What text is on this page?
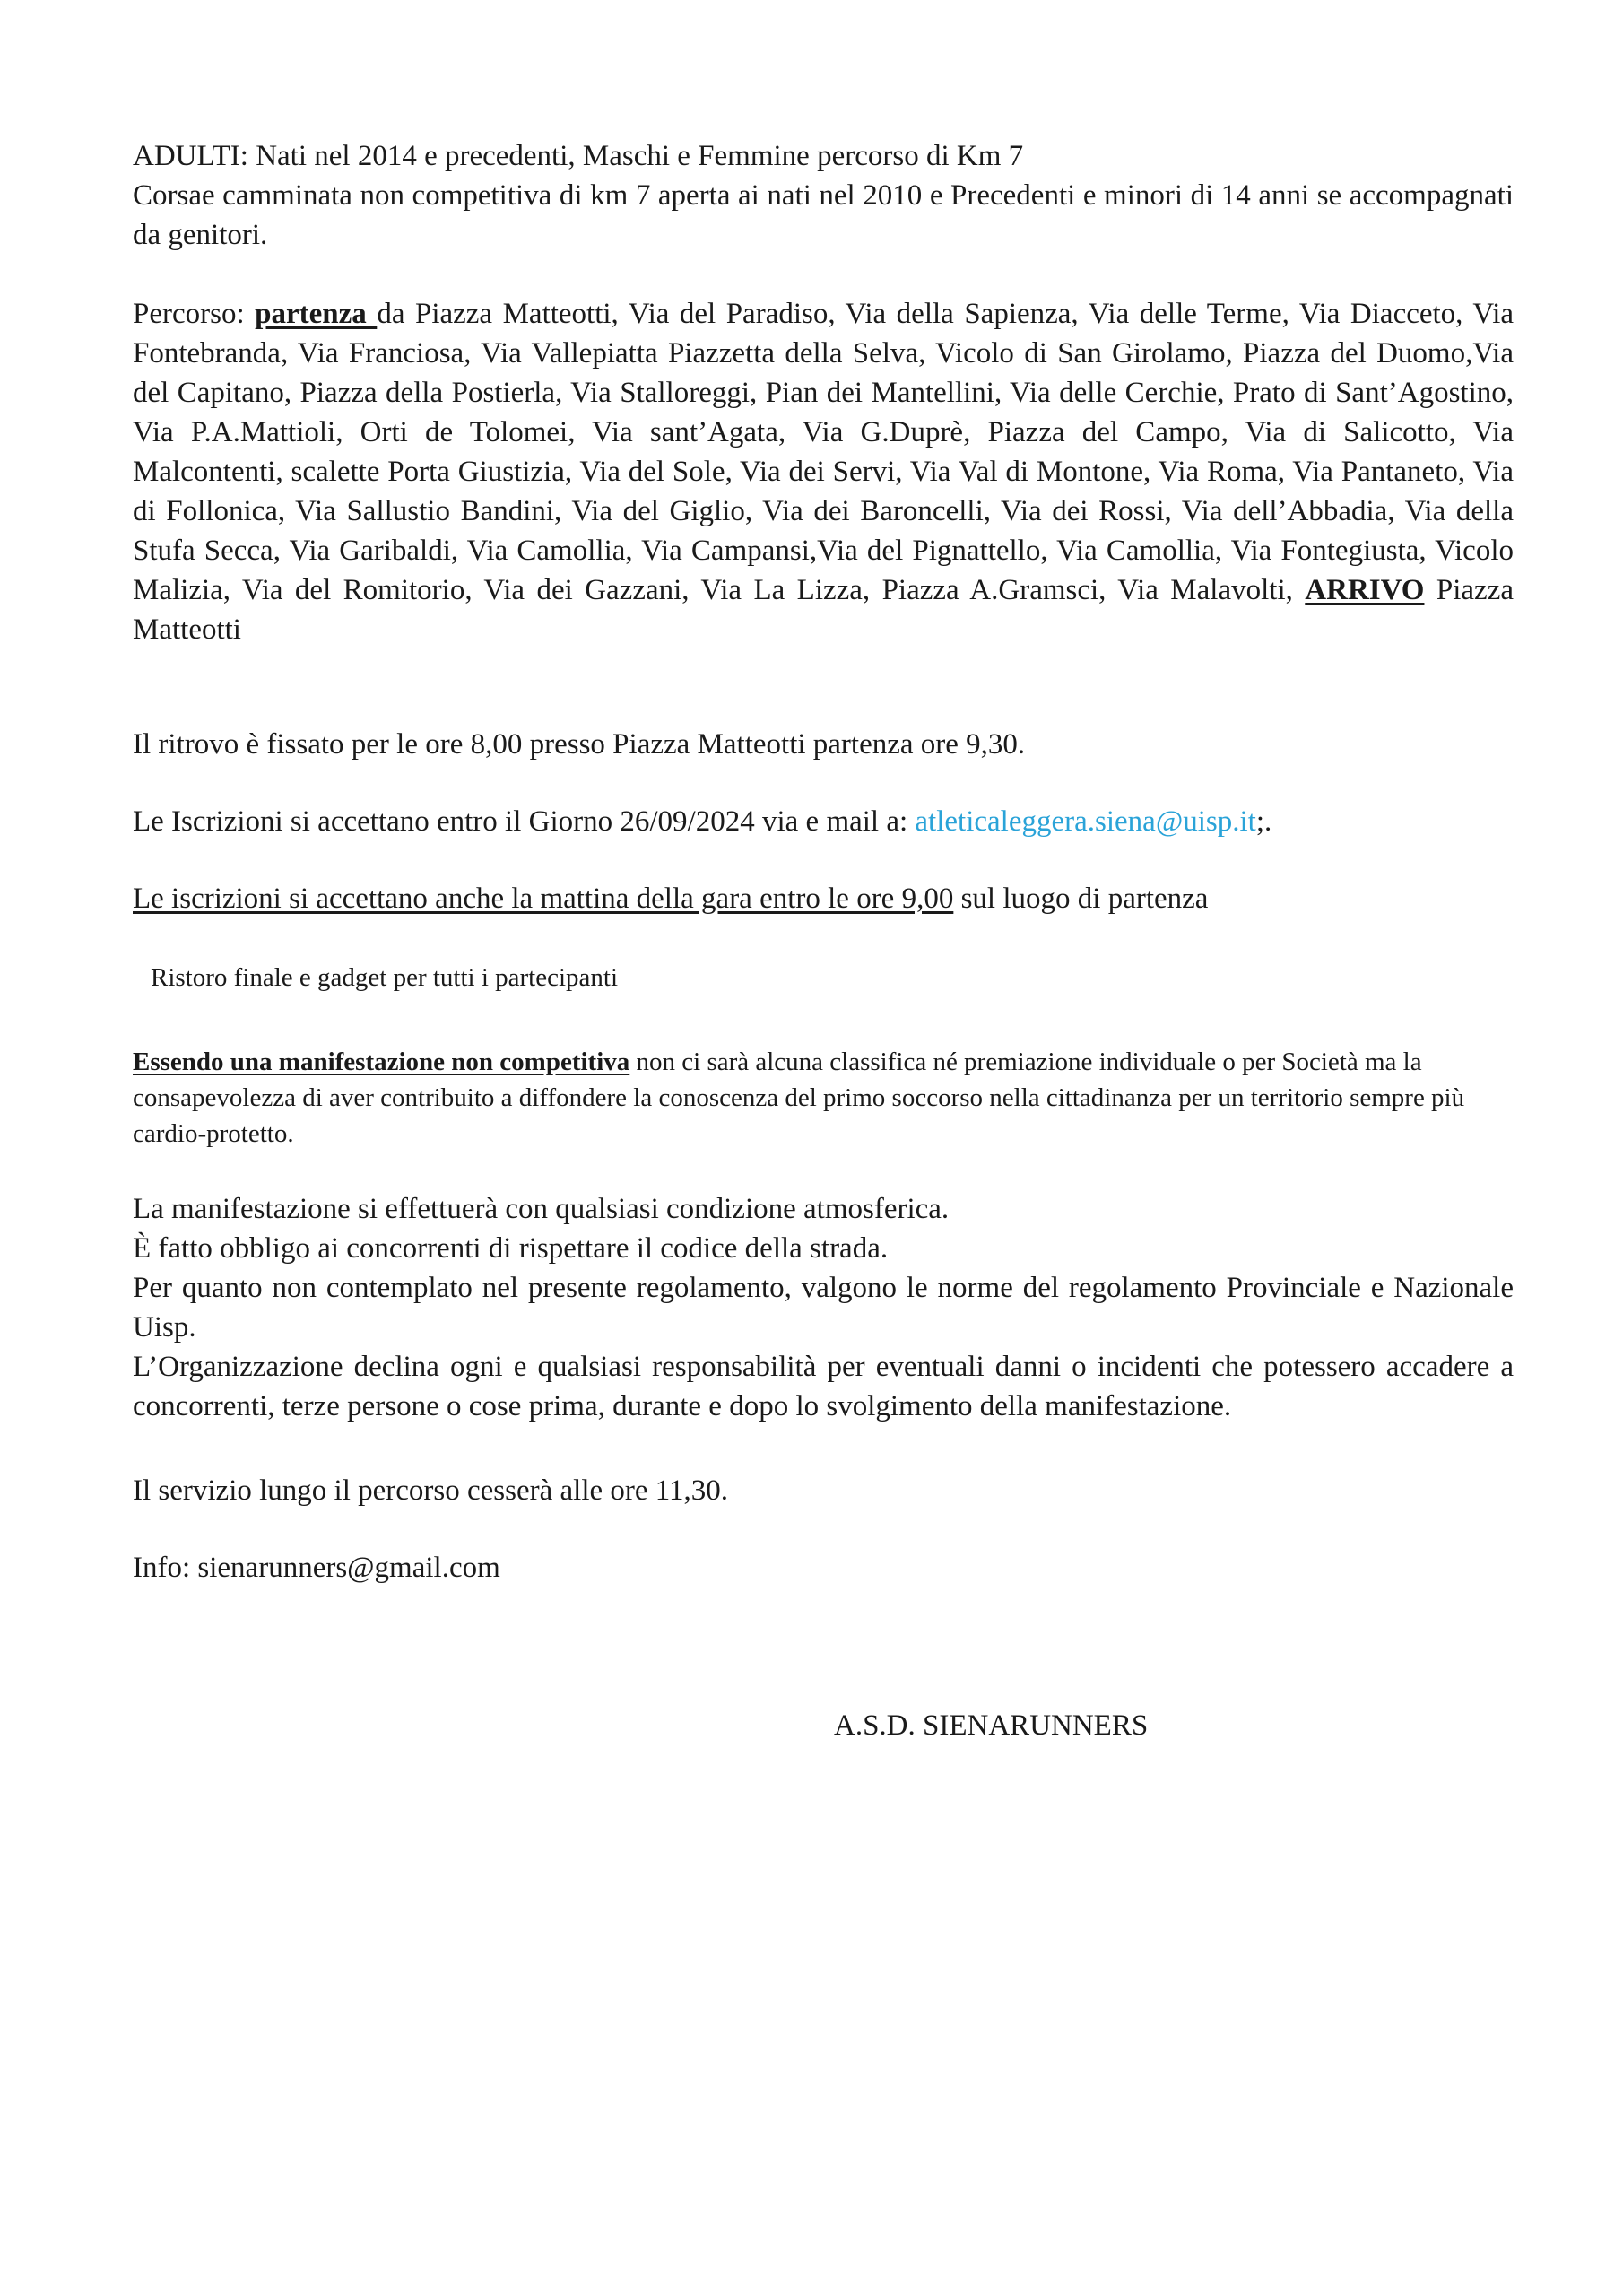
ADULTI: Nati nel 2014 e precedenti, Maschi e Femmine percorso di Km 7

Corsae camminata non competitiva di km 7 aperta ai nati nel 2010 e Precedenti e minori di 14 anni se accompagnati da genitori.

Percorso: partenza da Piazza Matteotti, Via del Paradiso, Via della Sapienza, Via delle Terme, Via Diacceto, Via Fontebranda, Via Franciosa, Via Vallepiatta Piazzetta della Selva, Vicolo di San Girolamo, Piazza del Duomo,Via del Capitano, Piazza della Postierla, Via Stalloreggi, Pian dei Mantellini, Via delle Cerchie, Prato di Sant’Agostino, Via P.A.Mattioli, Orti de Tolomei, Via sant’Agata, Via G.Duprè, Piazza del Campo, Via di Salicotto, Via Malcontenti, scalette Porta Giustizia, Via del Sole, Via dei Servi, Via Val di Montone, Via Roma, Via Pantaneto, Via di Follonica, Via Sallustio Bandini, Via del Giglio, Via dei Baroncelli, Via dei Rossi, Via dell’Abbadia, Via della Stufa Secca, Via Garibaldi, Via Camollia, Via Campansi,Via del Pignattello, Via Camollia, Via Fontegiusta, Vicolo Malizia, Via del Romitorio, Via dei Gazzani, Via La Lizza, Piazza A.Gramsci, Via Malavolti, ARRIVO Piazza Matteotti

Il ritrovo è fissato per le ore 8,00 presso Piazza Matteotti partenza ore 9,30.

Le Iscrizioni si accettano entro il Giorno 26/09/2024 via e mail a: atleticaleggera.siena@uisp.it;.

Le iscrizioni si accettano anche la mattina della gara entro le ore 9,00 sul luogo di partenza

Ristoro finale e gadget per tutti i partecipanti

Essendo una manifestazione non competitiva non ci sarà alcuna classifica né premiazione individuale o per Società ma la consapevolezza di aver contribuito a diffondere la conoscenza del primo soccorso nella cittadinanza per un territorio sempre più cardio-protetto.

La manifestazione si effettuerà con qualsiasi condizione atmosferica.

È fatto obbligo ai concorrenti di rispettare il codice della strada.

Per quanto non contemplato nel presente regolamento, valgono le norme del regolamento Provinciale e Nazionale Uisp.

L’Organizzazione declina ogni e qualsiasi responsabilità per eventuali danni o incidenti che potessero accadere a concorrenti, terze persone o cose prima, durante e dopo lo svolgimento della manifestazione.

Il servizio lungo il percorso cesserà alle ore 11,30.

Info: sienarunners@gmail.com

A.S.D. SIENARUNNERS
